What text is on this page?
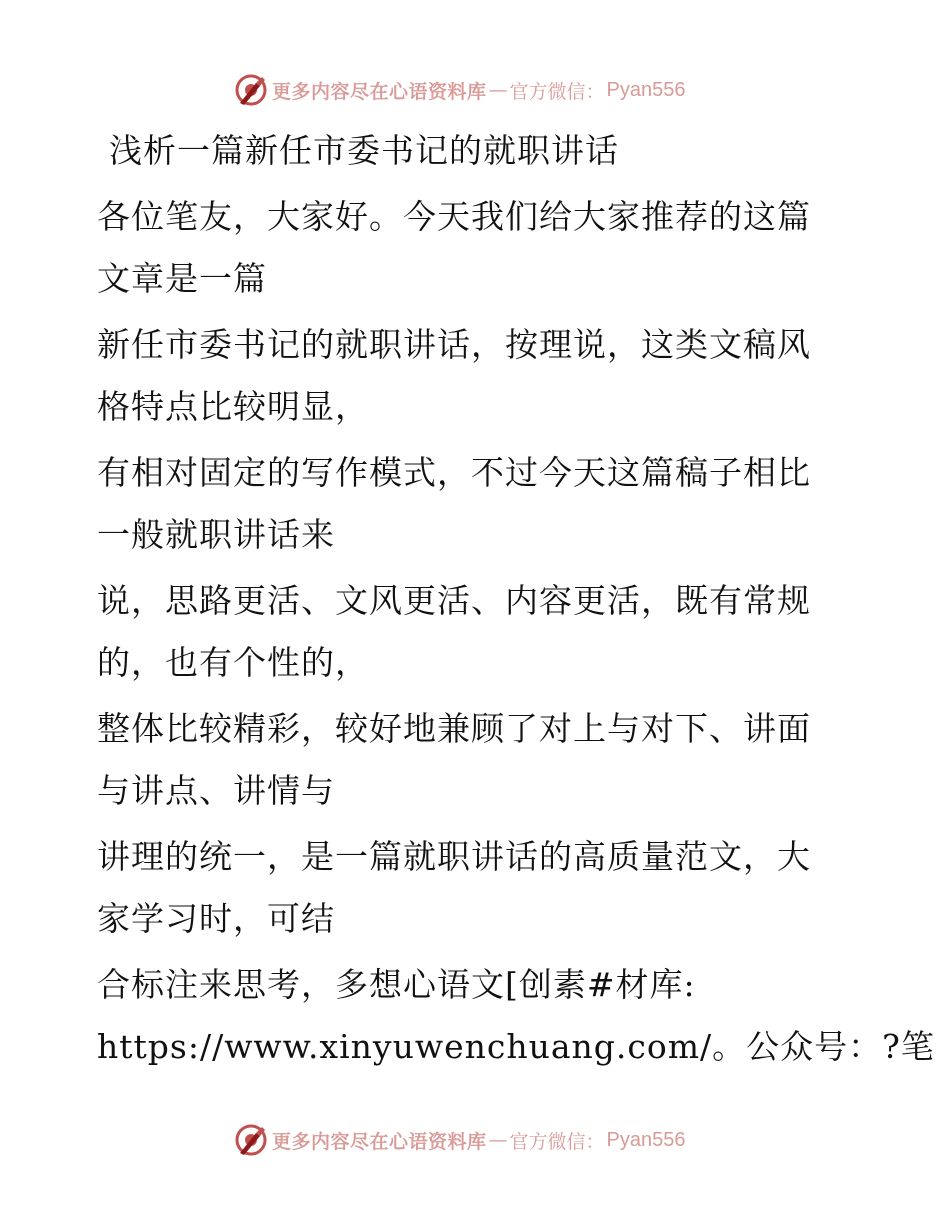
更多内容尽在心语资料库 — 官方微信： Pyan556
浅析一篇新任市委书记的就职讲话
各位笔友，大家好。今天我们给大家推荐的这篇
文章是一篇
新任市委书记的就职讲话，按理说，这类文稿风
格特点比较明显，
有相对固定的写作模式，不过今天这篇稿子相比
一般就职讲话来
说，思路更活、文风更活、内容更活，既有常规
的，也有个性的，
整体比较精彩，较好地兼顾了对上与对下、讲面
与讲点、讲情与
讲理的统一，是一篇就职讲话的高质量范文，大
家学习时，可结
合标注来思考，多想心语文[创素#材库:
https://www.xinyuwenchuang.com/。公众号：?笔
更多内容尽在心语资料库 — 官方微信： Pyan556
